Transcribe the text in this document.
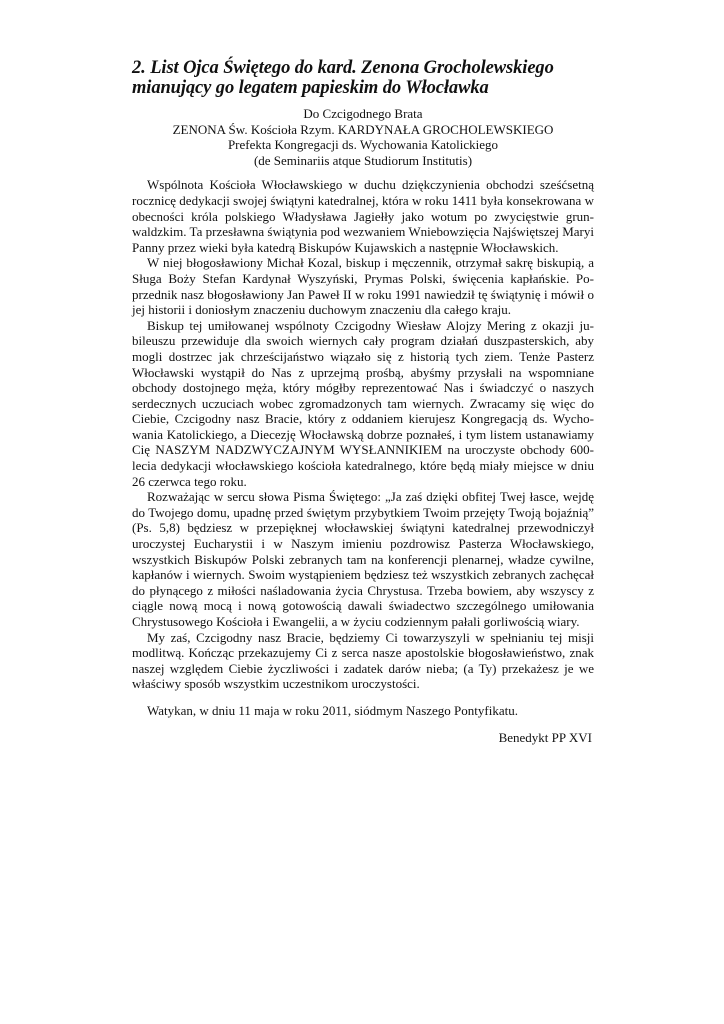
2. List Ojca Świętego do kard. Zenona Grocholewskiego
mianujący go legatem papieskim do Włocławka
Do Czcigodnego Brata
ZENONA Św. Kościoła Rzym. KARDYNAŁA GROCHOLEWSKIEGO
Prefekta Kongregacji ds. Wychowania Katolickiego
(de Seminariis atque Studiorum Institutis)

Wspólnota Kościoła Włocławskiego w duchu dziękczynienia obchodzi sześćsetną rocznicę dedykacji swojej świątyni katedralnej, która w roku 1411 była konsekrowana w obecności króla polskiego Władysława Jagiełły jako wotum po zwycięstwie grunwaldzkim. Ta przesławna świątynia pod wezwaniem Wniebowzięcia Najświętszej Maryi Panny przez wieki była katedrą Biskupów Kujawskich a następnie Włocławskich.

W niej błogosławiony Michał Kozal, biskup i męczennik, otrzymał sakrę biskupią, a Sługa Boży Stefan Kardynał Wyszyński, Prymas Polski, święcenia kapłańskie. Poprzednik nasz błogosławiony Jan Paweł II w roku 1991 nawiedził tę świątynię i mówił o jej historii i doniosłym znaczeniu duchowym znaczeniu dla całego kraju.

Biskup tej umiłowanej wspólnoty Czcigodny Wiesław Alojzy Mering z okazji jubileuszu przewiduje dla swoich wiernych cały program działań duszpasterskich, aby mogli dostrzec jak chrześcijaństwo wiązało się z historią tych ziem. Tenże Pasterz Włocławski wystąpił do Nas z uprzejmą prośbą, abyśmy przysłali na wspomniane obchody dostojnego męża, który mógłby reprezentować Nas i świadczyć o naszych serdecznych uczuciach wobec zgromadzonych tam wiernych. Zwracamy się więc do Ciebie, Czcigodny nasz Bracie, który z oddaniem kierujesz Kongregacją ds. Wychowania Katolickiego, a Diecezję Włocławską dobrze poznałeś, i tym listem ustanawiamy Cię NASZYM NADZWYCZAJNYM WYSŁANNIKIEM na uroczyste obchody 600-lecia dedykacji włocławskiego kościoła katedralnego, które będą miały miejsce w dniu 26 czerwca tego roku.

Rozważając w sercu słowa Pisma Świętego: „Ja zaś dzięki obfitej Twej łasce, wejdę do Twojego domu, upadnę przed świętym przybytkiem Twoim przejęty Twoją bojaźnią” (Ps. 5,8) będziesz w przepięknej włocławskiej świątyni katedralnej przewodniczył uroczystej Eucharystii i w Naszym imieniu pozdrowisz Pasterza Włocławskiego, wszystkich Biskupów Polski zebranych tam na konferencji plenarnej, władze cywilne, kapłanów i wiernych. Swoim wystąpieniem będziesz też wszystkich zebranych zachęcał do płynącego z miłości naśladowania życia Chrystusa. Trzeba bowiem, aby wszyscy z ciągle nową mocą i nową gotowością dawali świadectwo szczególnego umiłowania Chrystusowego Kościoła i Ewangelii, a w życiu codziennym pałali gorliwością wiary.

My zaś, Czcigodny nasz Bracie, będziemy Ci towarzyszyli w spełnianiu tej misji modlitwą. Kończąc przekazujemy Ci z serca nasze apostolskie błogosławieństwo, znak naszej względem Ciebie życzliwości i zadatek darów nieba; (a Ty) przekażesz je we właściwy sposób wszystkim uczestnikom uroczystości.

Watykan, w dniu 11 maja w roku 2011, siódmym Naszego Pontyfikatu.

Benedykt PP XVI
